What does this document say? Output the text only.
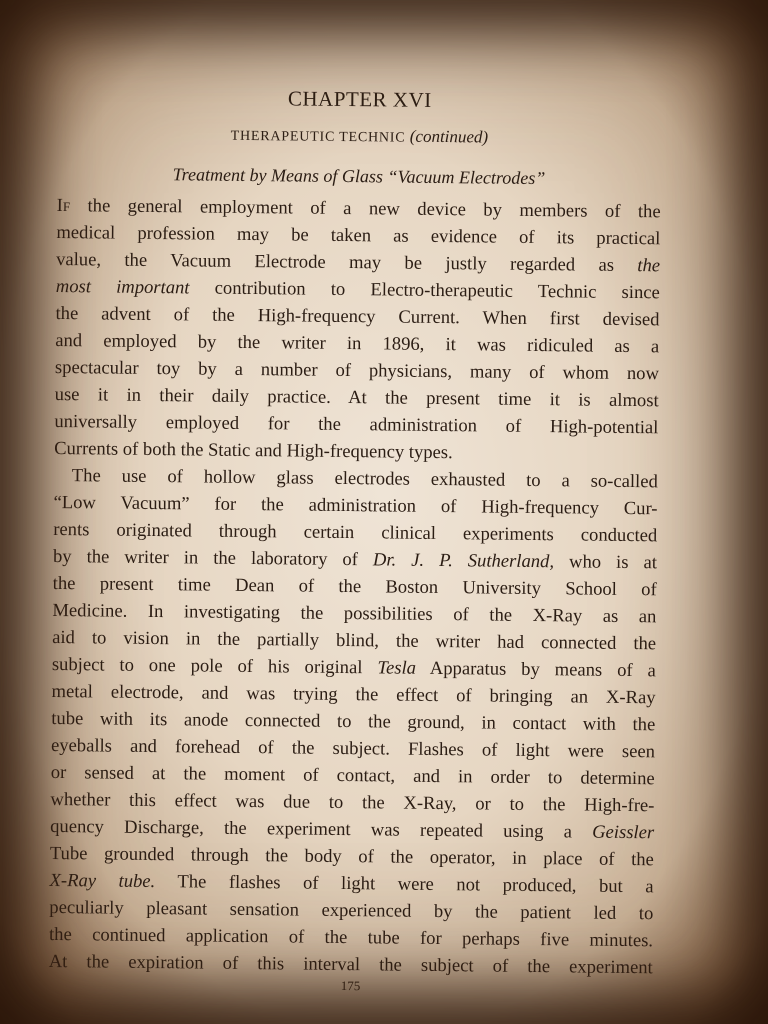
CHAPTER XVI
THERAPEUTIC TECHNIC (continued)
Treatment by Means of Glass “Vacuum Electrodes”

If the general employment of a new device by members of the
medical profession may be taken as evidence of its practical
value, the Vacuum Electrode may be justly regarded as the
most important contribution to Electro-therapeutic Technic since
the advent of the High-frequency Current. When first devised
and employed by the writer in 1896, it was ridiculed as a
spectacular toy by a number of physicians, many of whom now
use it in their daily practice. At the present time it is almost
universally employed for the administration of High-potential
Currents of both the Static and High-frequency types.

The use of hollow glass electrodes exhausted to a so-called
“Low Vacuum” for the administration of High-frequency Cur-
rents originated through certain clinical experiments conducted
by the writer in the laboratory of Dr. J. P. Sutherland, who is at
the present time Dean of the Boston University School of
Medicine. In investigating the possibilities of the X-Ray as an
aid to vision in the partially blind, the writer had connected the
subject to one pole of his original Tesla Apparatus by means of a
metal electrode, and was trying the effect of bringing an X-Ray
tube with its anode connected to the ground, in contact with the
eyeballs and forehead of the subject. Flashes of light were seen
or sensed at the moment of contact, and in order to determine
whether this effect was due to the X-Ray, or to the High-fre-
quency Discharge, the experiment was repeated using a Geissler
Tube grounded through the body of the operator, in place of the
X-Ray tube. The flashes of light were not produced, but a
peculiarly pleasant sensation experienced by the patient led to
the continued application of the tube for perhaps five minutes.
At the expiration of this interval the subject of the experiment

175
